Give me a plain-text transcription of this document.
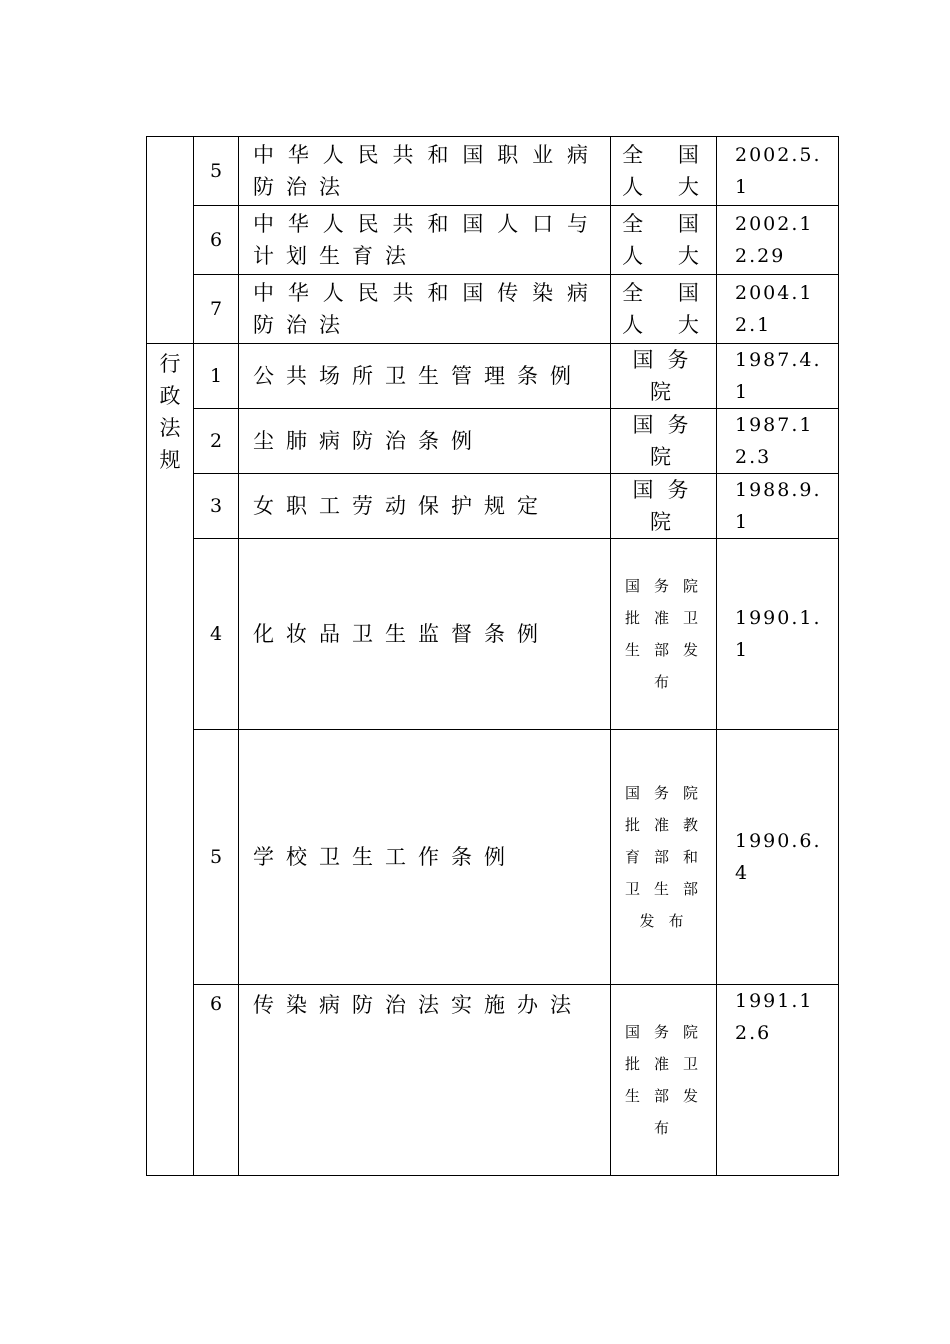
	5	中华人民共和国职业病防治法	全 国 人 大	2002.5.1
	6	中华人民共和国人口与计划生育法	全 国 人 大	2002.12.29
	7	中华人民共和国传染病防治法	全 国 人 大	2004.12.1

行政法规	1	公共场所卫生管理条例	国务院	1987.4.1
	2	尘肺病防治条例	国务院	1987.12.3
	3	女职工劳动保护规定	国务院	1988.9.1
	4	化妆品卫生监督条例	国务院批准卫生部发布	1990.1.1
	5	学校卫生工作条例	国务院批准教育部和卫生部发布	1990.6.4
	6	传染病防治法实施办法	国务院批准卫生部发布	1991.12.6
